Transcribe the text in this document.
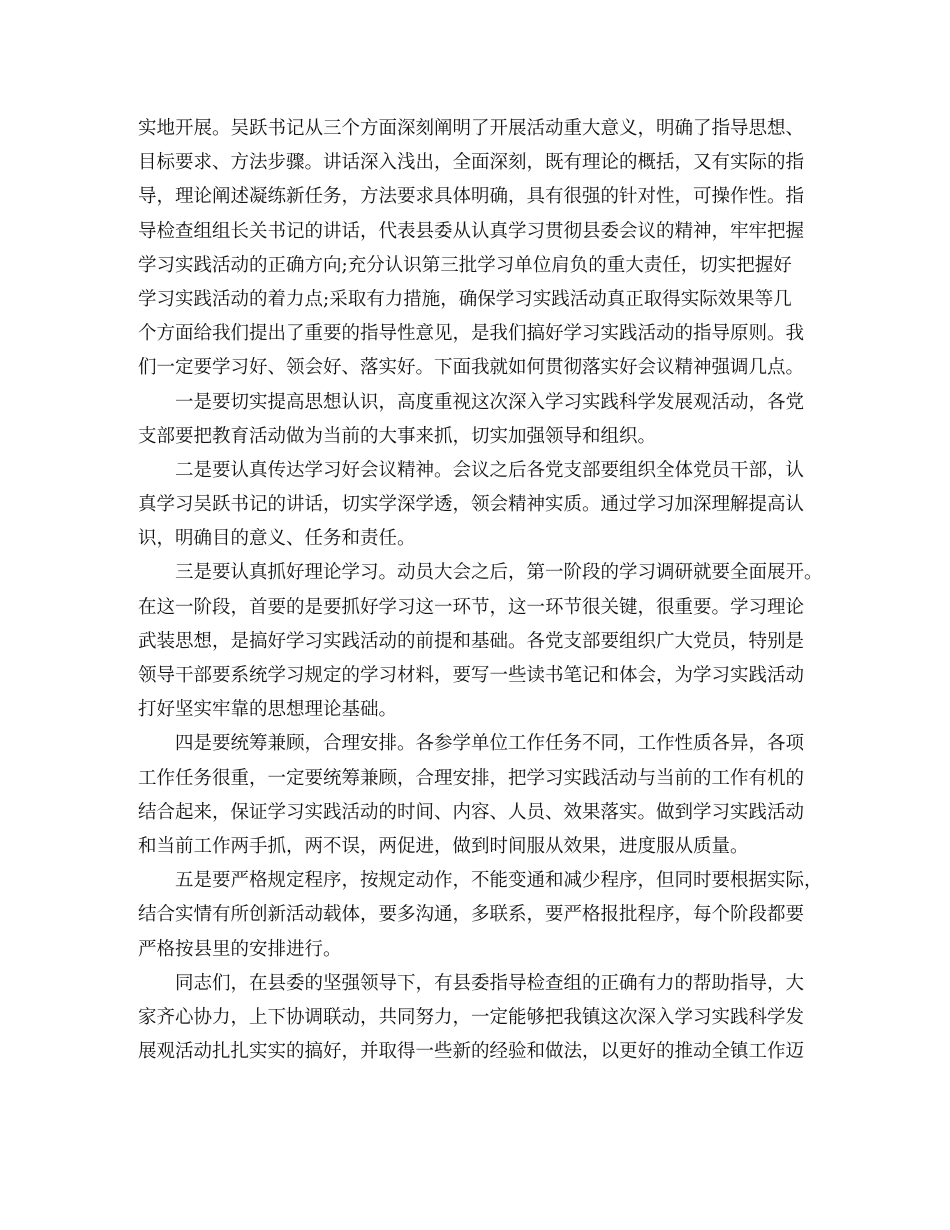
实地开展。吴跃书记从三个方面深刻阐明了开展活动重大意义，明确了指导思想、
目标要求、方法步骤。讲话深入浅出，全面深刻，既有理论的概括，又有实际的指
导，理论阐述凝练新任务，方法要求具体明确，具有很强的针对性，可操作性。指
导检查组组长关书记的讲话，代表县委从认真学习贯彻县委会议的精神，牢牢把握
学习实践活动的正确方向;充分认识第三批学习单位肩负的重大责任，切实把握好
学习实践活动的着力点;采取有力措施，确保学习实践活动真正取得实际效果等几
个方面给我们提出了重要的指导性意见，是我们搞好学习实践活动的指导原则。我
们一定要学习好、领会好、落实好。下面我就如何贯彻落实好会议精神强调几点。
一是要切实提高思想认识，高度重视这次深入学习实践科学发展观活动，各党
支部要把教育活动做为当前的大事来抓，切实加强领导和组织。
二是要认真传达学习好会议精神。会议之后各党支部要组织全体党员干部，认
真学习吴跃书记的讲话，切实学深学透，领会精神实质。通过学习加深理解提高认
识，明确目的意义、任务和责任。
三是要认真抓好理论学习。动员大会之后，第一阶段的学习调研就要全面展开。
在这一阶段，首要的是要抓好学习这一环节，这一环节很关键，很重要。学习理论
武装思想，是搞好学习实践活动的前提和基础。各党支部要组织广大党员，特别是
领导干部要系统学习规定的学习材料，要写一些读书笔记和体会，为学习实践活动
打好坚实牢靠的思想理论基础。
四是要统筹兼顾，合理安排。各参学单位工作任务不同，工作性质各异，各项
工作任务很重，一定要统筹兼顾，合理安排，把学习实践活动与当前的工作有机的
结合起来，保证学习实践活动的时间、内容、人员、效果落实。做到学习实践活动
和当前工作两手抓，两不误，两促进，做到时间服从效果，进度服从质量。
五是要严格规定程序，按规定动作，不能变通和减少程序，但同时要根据实际，
结合实情有所创新活动载体，要多沟通，多联系，要严格报批程序，每个阶段都要
严格按县里的安排进行。
同志们，在县委的坚强领导下，有县委指导检查组的正确有力的帮助指导，大
家齐心协力，上下协调联动，共同努力，一定能够把我镇这次深入学习实践科学发
展观活动扎扎实实的搞好，并取得一些新的经验和做法，以更好的推动全镇工作迈
